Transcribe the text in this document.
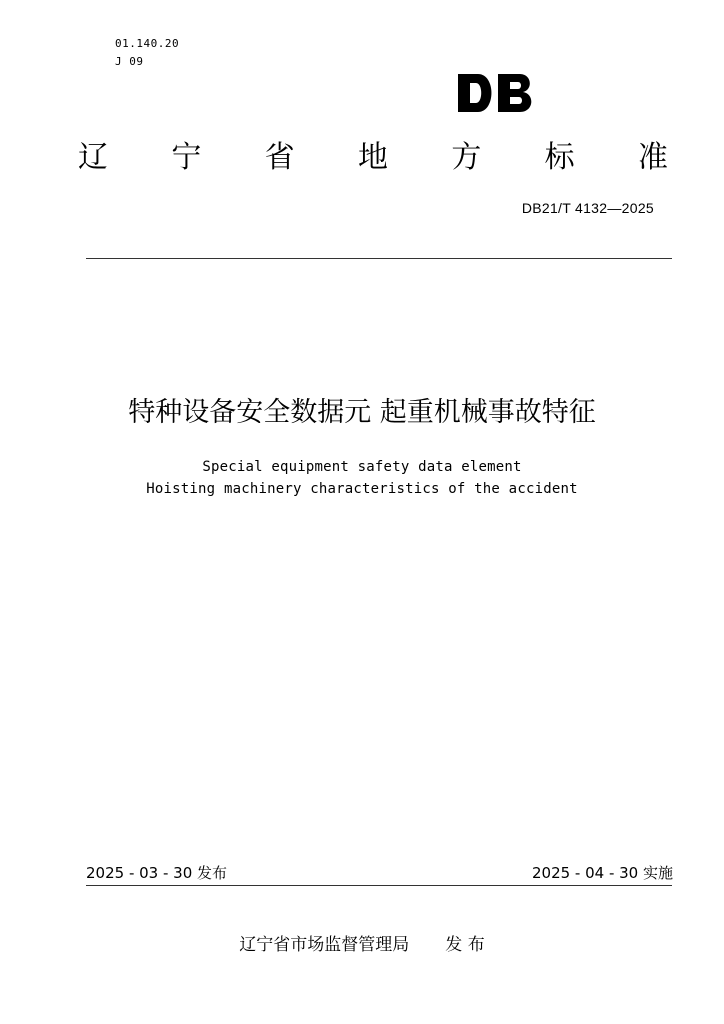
01.140.20
J 09
辽 宁 省 地 方 标 准
DB21/T 4132—2025
特种设备安全数据元 起重机械事故特征
Special equipment safety data element
Hoisting machinery characteristics of the accident
2025 - 03 - 30 发布	2025 - 04 - 30 实施
辽宁省市场监督管理局 发 布
